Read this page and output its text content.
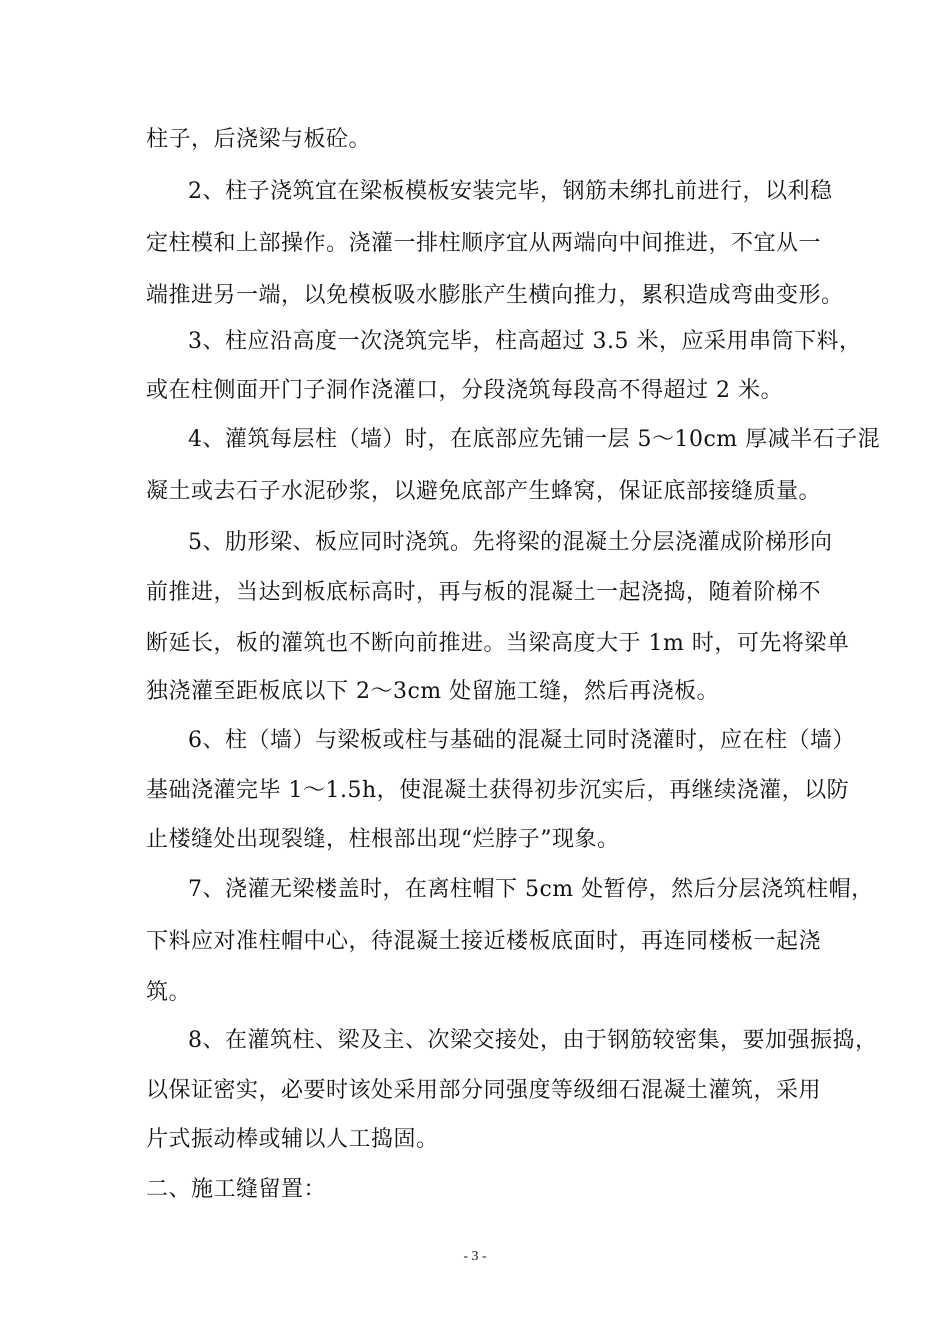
柱子，后浇梁与板砼。
2、柱子浇筑宜在梁板模板安装完毕，钢筋未绑扎前进行，以利稳
定柱模和上部操作。浇灌一排柱顺序宜从两端向中间推进，不宜从一
端推进另一端，以免模板吸水膨胀产生横向推力，累积造成弯曲变形。
3、柱应沿高度一次浇筑完毕，柱高超过 3.5 米，应采用串筒下料，
或在柱侧面开门子洞作浇灌口，分段浇筑每段高不得超过 2 米。
4、灌筑每层柱（墙）时，在底部应先铺一层 5～10cm 厚减半石子混
凝土或去石子水泥砂浆，以避免底部产生蜂窝，保证底部接缝质量。
5、肋形梁、板应同时浇筑。先将梁的混凝土分层浇灌成阶梯形向
前推进，当达到板底标高时，再与板的混凝土一起浇捣，随着阶梯不
断延长，板的灌筑也不断向前推进。当梁高度大于 1m 时，可先将梁单
独浇灌至距板底以下 2～3cm 处留施工缝，然后再浇板。
6、柱（墙）与梁板或柱与基础的混凝土同时浇灌时，应在柱（墙）
基础浇灌完毕 1～1.5h，使混凝土获得初步沉实后，再继续浇灌，以防
止楼缝处出现裂缝，柱根部出现“烂脖子”现象。
7、浇灌无梁楼盖时，在离柱帽下 5cm 处暂停，然后分层浇筑柱帽，
下料应对准柱帽中心，待混凝土接近楼板底面时，再连同楼板一起浇
筑。
8、在灌筑柱、梁及主、次梁交接处，由于钢筋较密集，要加强振捣，
以保证密实，必要时该处采用部分同强度等级细石混凝土灌筑，采用
片式振动棒或辅以人工捣固。
二、施工缝留置：
- 3 -
